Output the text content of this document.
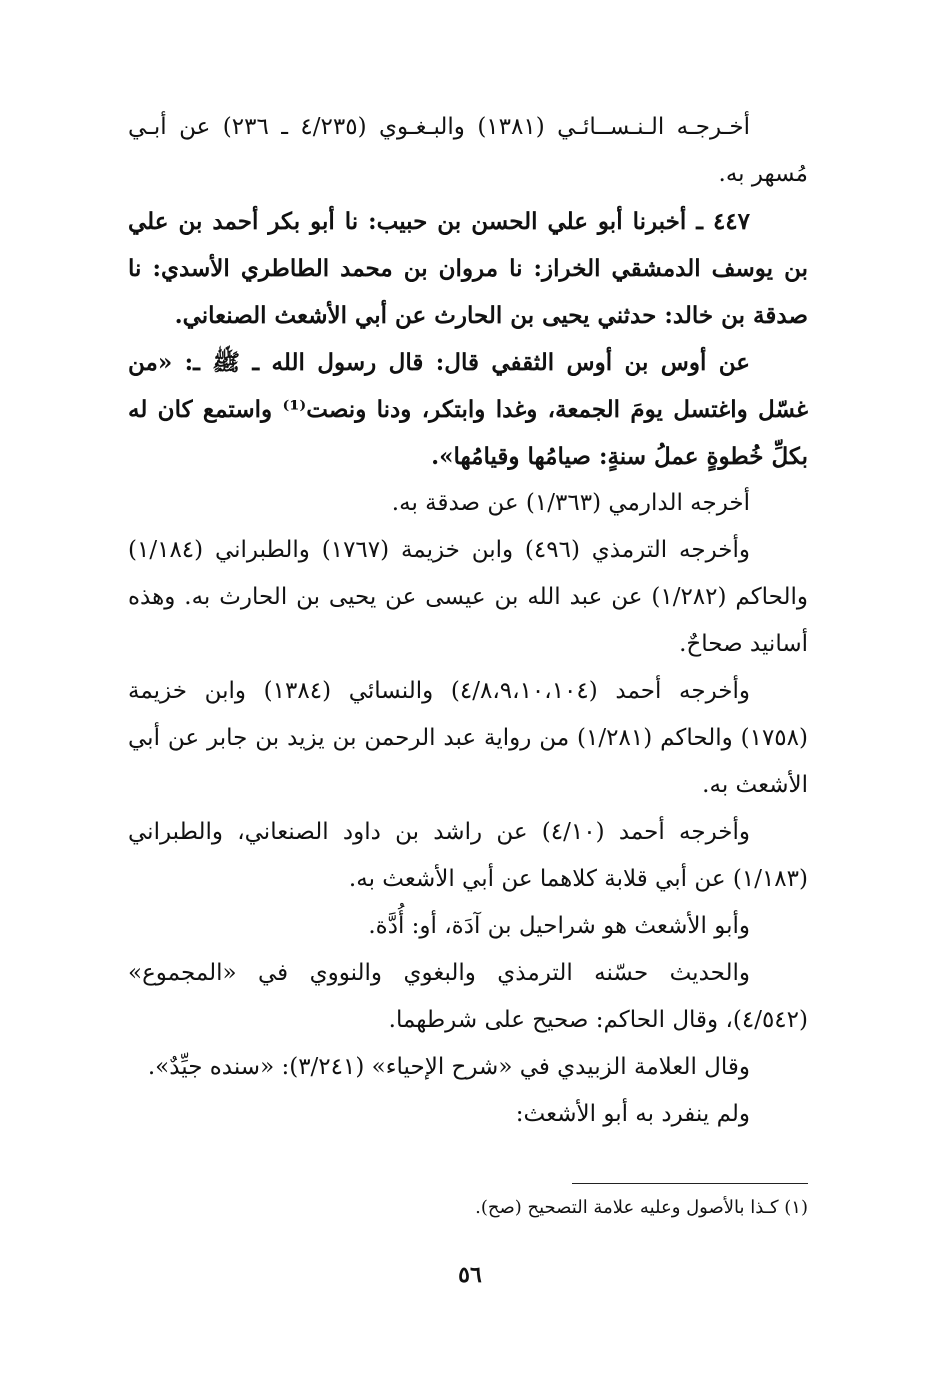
أخـرجـه الـنـســائـي (١٣٨١) والبـغـوي (٤/٢٣٥ ـ ٢٣٦) عن أبـي مُسهر به.

٤٤٧ ـ أخبرنا أبو علي الحسن بن حبيب: نا أبو بكر أحمد بن علي بن يوسف الدمشقي الخراز: نا مروان بن محمد الطاطري الأسدي: نا صدقة بن خالد: حدثني يحيى بن الحارث عن أبي الأشعث الصنعاني.

عن أوس بن أوس الثقفي قال: قال رسول الله ـ ﷺ ـ: «من غسّل واغتسل يومَ الجمعة، وغدا وابتكر، ودنا ونصت⁽¹⁾ واستمع كان له بكلِّ خُطوةٍ عملُ سنةٍ: صيامُها وقيامُها».

أخرجه الدارمي (١/٣٦٣) عن صدقة به.

وأخرجه الترمذي (٤٩٦) وابن خزيمة (١٧٦٧) والطبراني (١/١٨٤) والحاكم (١/٢٨٢) عن عبد الله بن عيسى عن يحيى بن الحارث به. وهذه أسانيد صحاحٌ.

وأخرجه أحمد (٤/٨،٩،١٠،١٠٤) والنسائي (١٣٨٤) وابن خزيمة (١٧٥٨) والحاكم (١/٢٨١) من رواية عبد الرحمن بن يزيد بن جابر عن أبي الأشعث به.

وأخرجه أحمد (٤/١٠) عن راشد بن داود الصنعاني، والطبراني (١/١٨٣) عن أبي قلابة كلاهما عن أبي الأشعث به.

وأبو الأشعث هو شراحيل بن آدَة، أو: أُدَّة.

والحديث حسّنه الترمذي والبغوي والنووي في «المجموع» (٤/٥٤٢)، وقال الحاكم: صحيح على شرطهما.

وقال العلامة الزبيدي في «شرح الإحياء» (٣/٢٤١): «سنده جيِّدٌ».

ولم ينفرد به أبو الأشعث:

(١) كـذا بالأصول وعليه علامة التصحيح (صح).
٥٦
